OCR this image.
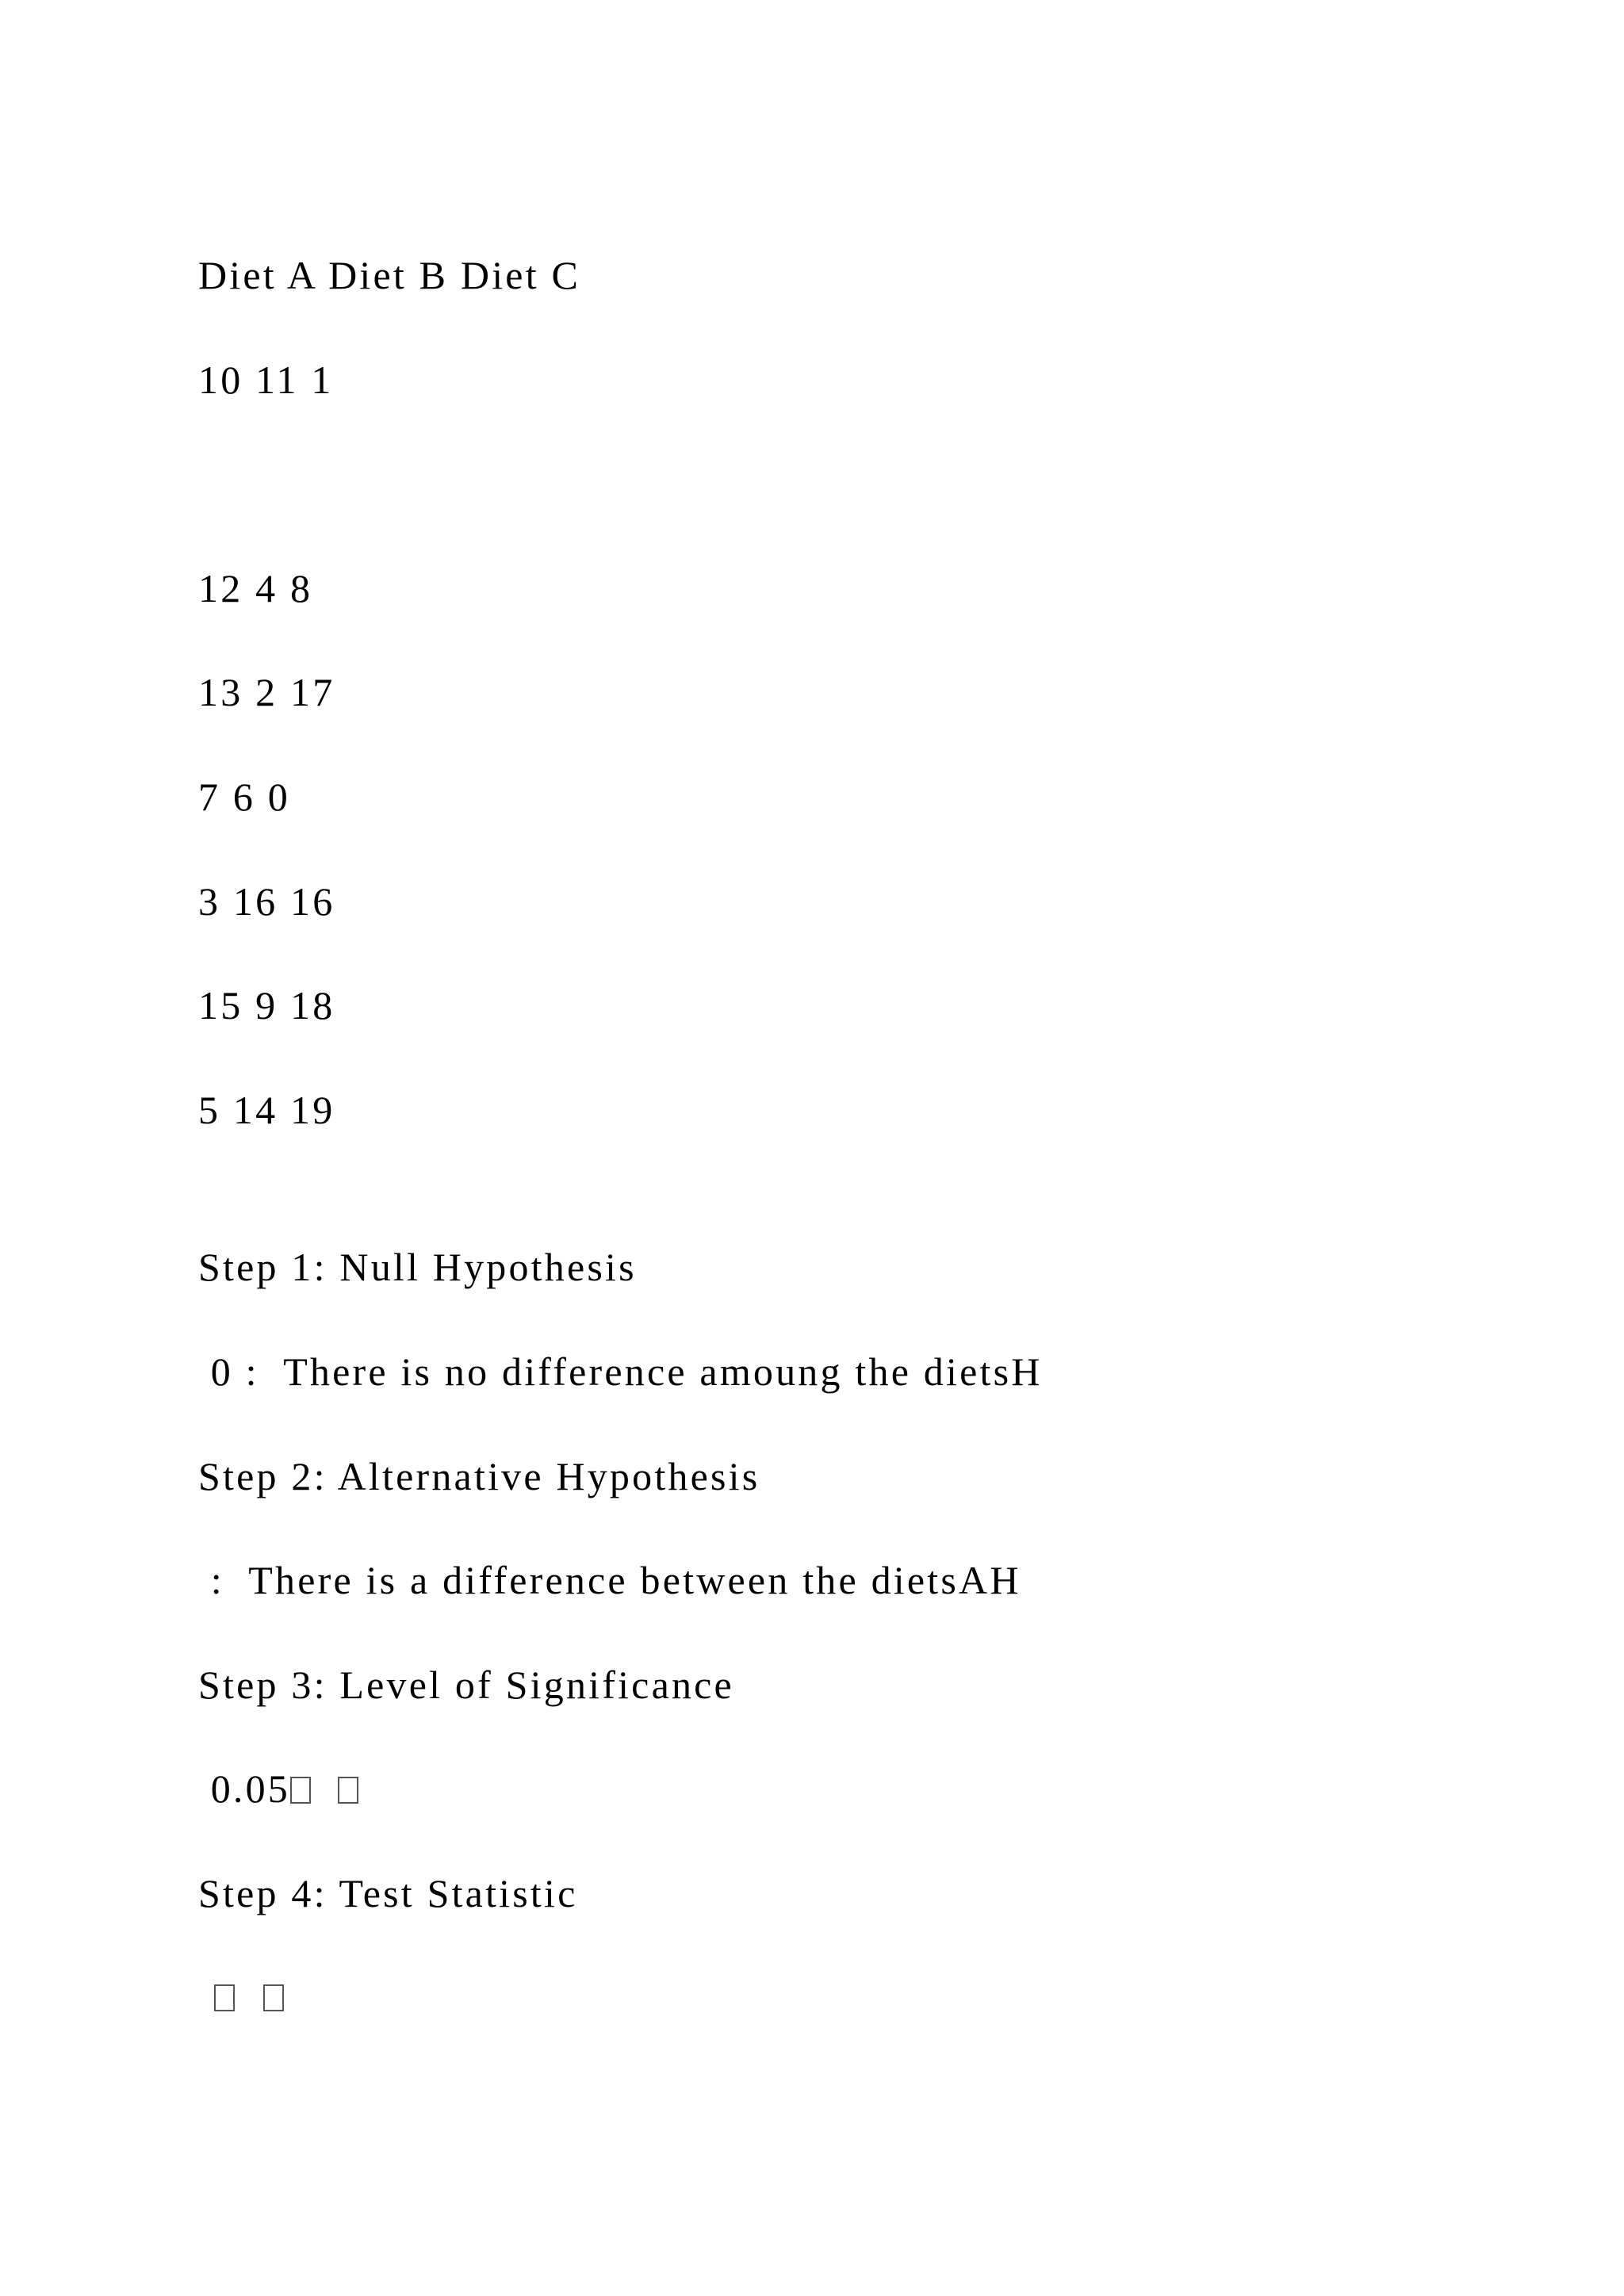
Diet A Diet B Diet C
10 11 1
12 4 8
13 2 17
7 6 0
3 16 16
15 9 18
5 14 19
Step 1: Null Hypothesis
0 :  There is no difference amoung the dietsH
Step 2: Alternative Hypothesis
:  There is a difference between the dietsAH
Step 3: Level of Significance
0.05
Step 4: Test Statistic
